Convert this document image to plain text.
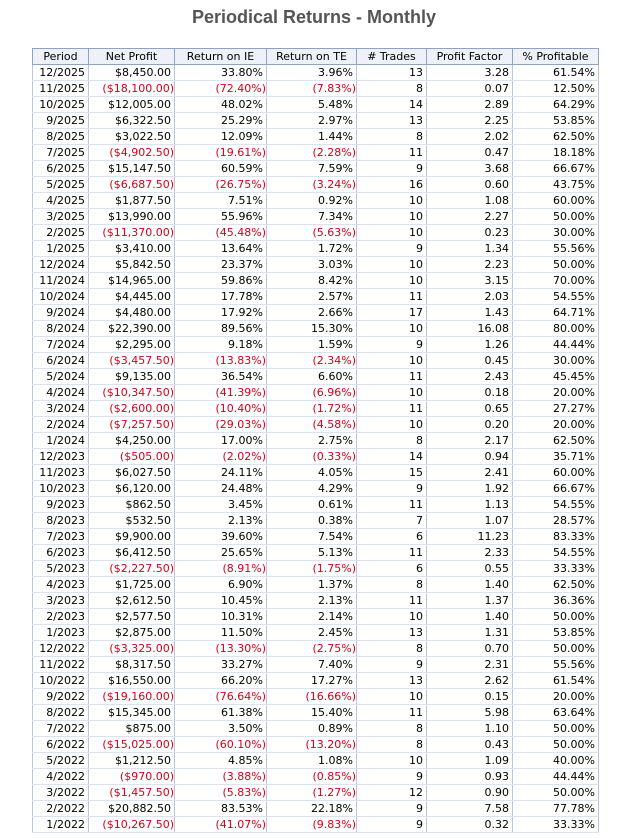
Periodical Returns - Monthly
Period	Net Profit	Return on IE	Return on TE	# Trades	Profit Factor	% Profitable
12/2025	$8,450.00	33.80%	3.96%	13	3.28	61.54%
11/2025	($18,100.00)	(72.40%)	(7.83%)	8	0.07	12.50%
10/2025	$12,005.00	48.02%	5.48%	14	2.89	64.29%
9/2025	$6,322.50	25.29%	2.97%	13	2.25	53.85%
8/2025	$3,022.50	12.09%	1.44%	8	2.02	62.50%
7/2025	($4,902.50)	(19.61%)	(2.28%)	11	0.47	18.18%
6/2025	$15,147.50	60.59%	7.59%	9	3.68	66.67%
5/2025	($6,687.50)	(26.75%)	(3.24%)	16	0.60	43.75%
4/2025	$1,877.50	7.51%	0.92%	10	1.08	60.00%
3/2025	$13,990.00	55.96%	7.34%	10	2.27	50.00%
2/2025	($11,370.00)	(45.48%)	(5.63%)	10	0.23	30.00%
1/2025	$3,410.00	13.64%	1.72%	9	1.34	55.56%
12/2024	$5,842.50	23.37%	3.03%	10	2.23	50.00%
11/2024	$14,965.00	59.86%	8.42%	10	3.15	70.00%
10/2024	$4,445.00	17.78%	2.57%	11	2.03	54.55%
9/2024	$4,480.00	17.92%	2.66%	17	1.43	64.71%
8/2024	$22,390.00	89.56%	15.30%	10	16.08	80.00%
7/2024	$2,295.00	9.18%	1.59%	9	1.26	44.44%
6/2024	($3,457.50)	(13.83%)	(2.34%)	10	0.45	30.00%
5/2024	$9,135.00	36.54%	6.60%	11	2.43	45.45%
4/2024	($10,347.50)	(41.39%)	(6.96%)	10	0.18	20.00%
3/2024	($2,600.00)	(10.40%)	(1.72%)	11	0.65	27.27%
2/2024	($7,257.50)	(29.03%)	(4.58%)	10	0.20	20.00%
1/2024	$4,250.00	17.00%	2.75%	8	2.17	62.50%
12/2023	($505.00)	(2.02%)	(0.33%)	14	0.94	35.71%
11/2023	$6,027.50	24.11%	4.05%	15	2.41	60.00%
10/2023	$6,120.00	24.48%	4.29%	9	1.92	66.67%
9/2023	$862.50	3.45%	0.61%	11	1.13	54.55%
8/2023	$532.50	2.13%	0.38%	7	1.07	28.57%
7/2023	$9,900.00	39.60%	7.54%	6	11.23	83.33%
6/2023	$6,412.50	25.65%	5.13%	11	2.33	54.55%
5/2023	($2,227.50)	(8.91%)	(1.75%)	6	0.55	33.33%
4/2023	$1,725.00	6.90%	1.37%	8	1.40	62.50%
3/2023	$2,612.50	10.45%	2.13%	11	1.37	36.36%
2/2023	$2,577.50	10.31%	2.14%	10	1.40	50.00%
1/2023	$2,875.00	11.50%	2.45%	13	1.31	53.85%
12/2022	($3,325.00)	(13.30%)	(2.75%)	8	0.70	50.00%
11/2022	$8,317.50	33.27%	7.40%	9	2.31	55.56%
10/2022	$16,550.00	66.20%	17.27%	13	2.62	61.54%
9/2022	($19,160.00)	(76.64%)	(16.66%)	10	0.15	20.00%
8/2022	$15,345.00	61.38%	15.40%	11	5.98	63.64%
7/2022	$875.00	3.50%	0.89%	8	1.10	50.00%
6/2022	($15,025.00)	(60.10%)	(13.20%)	8	0.43	50.00%
5/2022	$1,212.50	4.85%	1.08%	10	1.09	40.00%
4/2022	($970.00)	(3.88%)	(0.85%)	9	0.93	44.44%
3/2022	($1,457.50)	(5.83%)	(1.27%)	12	0.90	50.00%
2/2022	$20,882.50	83.53%	22.18%	9	7.58	77.78%
1/2022	($10,267.50)	(41.07%)	(9.83%)	9	0.32	33.33%
